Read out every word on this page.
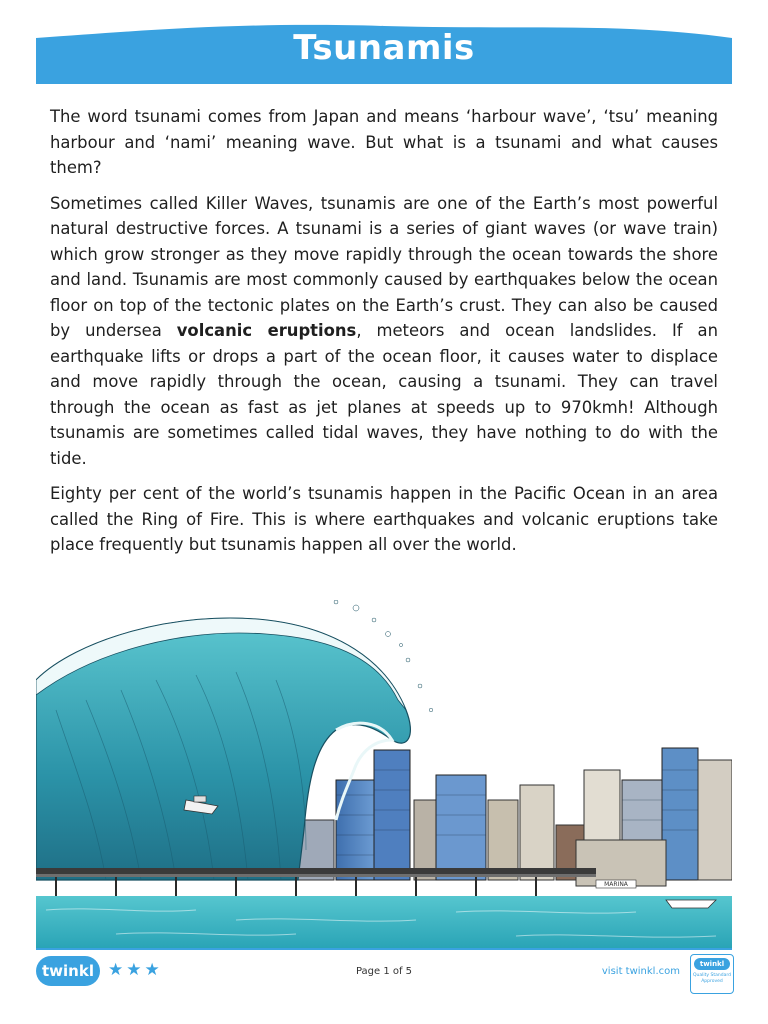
Tsunamis

The word tsunami comes from Japan and means ‘harbour wave’, ‘tsu’ meaning harbour and ‘nami’ meaning wave. But what is a tsunami and what causes them?

Sometimes called Killer Waves, tsunamis are one of the Earth’s most powerful natural destructive forces. A tsunami is a series of giant waves (or wave train) which grow stronger as they move rapidly through the ocean towards the shore and land. Tsunamis are most commonly caused by earthquakes below the ocean floor on top of the tectonic plates on the Earth’s crust. They can also be caused by undersea volcanic eruptions, meteors and ocean landslides. If an earthquake lifts or drops a part of the ocean floor, it causes water to displace and move rapidly through the ocean, causing a tsunami. They can travel through the ocean as fast as jet planes at speeds up to 970kmh! Although tsunamis are sometimes called tidal waves, they have nothing to do with the tide.

Eighty per cent of the world’s tsunamis happen in the Pacific Ocean in an area called the Ring of Fire. This is where earthquakes and volcanic eruptions take place frequently but tsunamis happen all over the world.

MARINA
twinkl ★★★	Page 1 of 5	visit twinkl.com
twinkl
Quality Standard Approved
